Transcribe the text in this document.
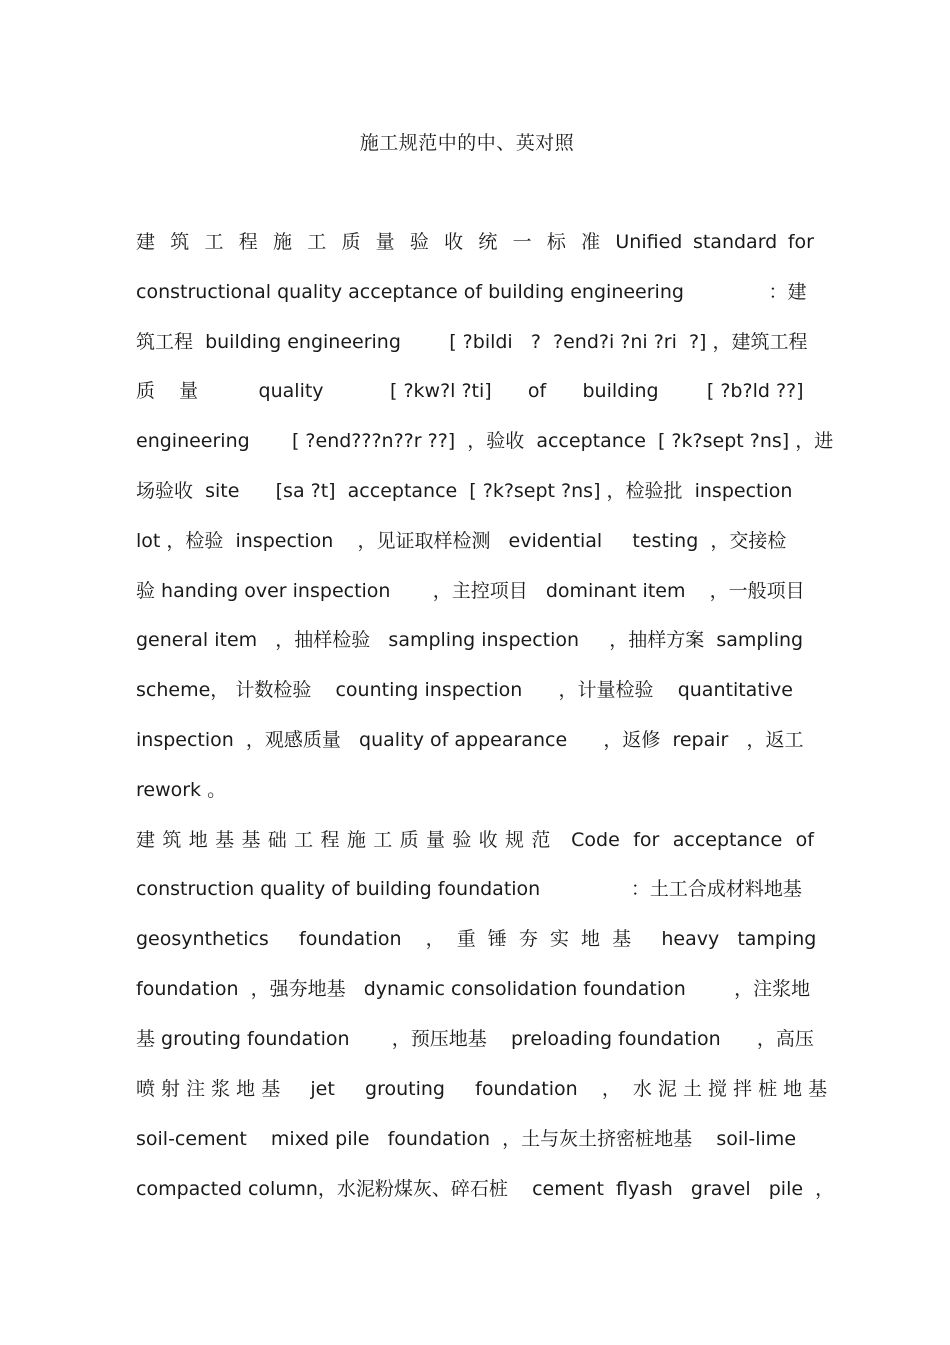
施工规范中的中、英对照
建 筑 工 程 施 工 质 量 验 收 统 一 标 准 Unified standard for
constructional quality acceptance of building engineering              ：建
筑工程  building engineering        [ ?bildi   ?  ?end?i ?ni ?ri  ?] ，建筑工程
质    量          quality           [ ?kw?l ?ti]      of      building        [ ?b?ld ??]
engineering       [ ?end???n??r ??]  ，验收  acceptance  [ ?k?sept ?ns] ，进
场验收  site      [sa ?t]  acceptance  [ ?k?sept ?ns] ，检验批  inspection
lot ，检验  inspection    ，见证取样检测   evidential     testing  ，交接检
验 handing over inspection       ，主控项目   dominant item    ，一般项目
general item   ，抽样检验   sampling inspection     ，抽样方案  sampling
scheme， 计数检验    counting inspection      ，计量检验    quantitative
inspection  ，观感质量   quality of appearance      ，返修  repair   ，返工
rework 。
建筑地基基础工程施工质量验收规范 Code for acceptance of
construction quality of building foundation               ：土工合成材料地基
geosynthetics     foundation    ，  重  锤  夯  实  地  基     heavy   tamping
foundation  ，强夯地基   dynamic consolidation foundation        ，注浆地
基 grouting foundation       ，预压地基    preloading foundation      ，高压
喷 射 注 浆 地 基     jet     grouting     foundation    ，  水 泥 土 搅 拌 桩 地 基
soil-cement    mixed pile   foundation  ，土与灰土挤密桩地基    soil-lime
compacted column，水泥粉煤灰、碎石桩    cement  flyash   gravel   pile  ，
